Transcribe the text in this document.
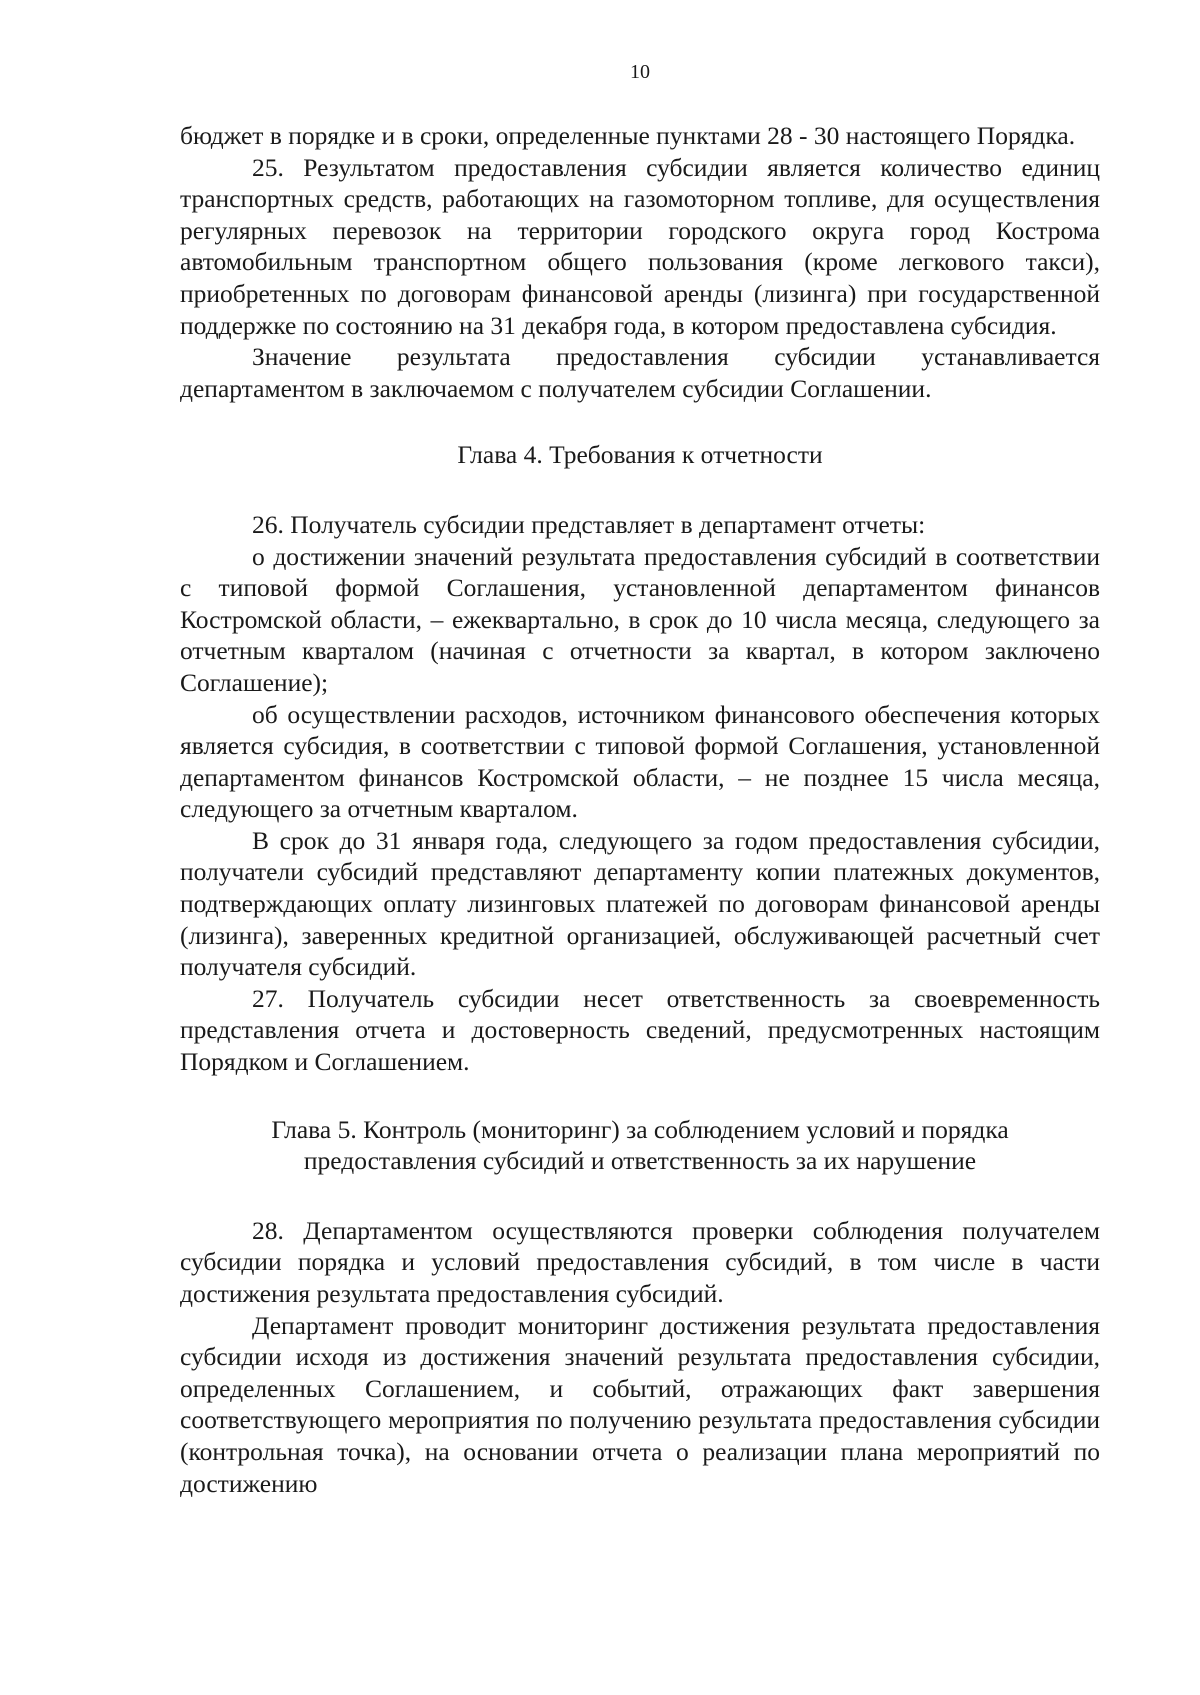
10

бюджет в порядке и в сроки, определенные пунктами 28 - 30 настоящего Порядка.

25. Результатом предоставления субсидии является количество единиц транспортных средств, работающих на газомоторном топливе, для осуществления регулярных перевозок на территории городского округа город Кострома автомобильным транспортном общего пользования (кроме легкового такси), приобретенных по договорам финансовой аренды (лизинга) при государственной поддержке по состоянию на 31 декабря года, в котором предоставлена субсидия.

Значение результата предоставления субсидии устанавливается департаментом в заключаемом с получателем субсидии Соглашении.

Глава 4. Требования к отчетности

26. Получатель субсидии представляет в департамент отчеты:

о достижении значений результата предоставления субсидий в соответствии с типовой формой Соглашения, установленной департаментом финансов Костромской области, – ежеквартально, в срок до 10 числа месяца, следующего за отчетным кварталом (начиная с отчетности за квартал, в котором заключено Соглашение);

об осуществлении расходов, источником финансового обеспечения которых является субсидия, в соответствии с типовой формой Соглашения, установленной департаментом финансов Костромской области, – не позднее 15 числа месяца, следующего за отчетным кварталом.

В срок до 31 января года, следующего за годом предоставления субсидии, получатели субсидий представляют департаменту копии платежных документов, подтверждающих оплату лизинговых платежей по договорам финансовой аренды (лизинга), заверенных кредитной организацией, обслуживающей расчетный счет получателя субсидий.

27. Получатель субсидии несет ответственность за своевременность представления отчета и достоверность сведений, предусмотренных настоящим Порядком и Соглашением.

Глава 5. Контроль (мониторинг) за соблюдением условий и порядка
предоставления субсидий и ответственность за их нарушение

28. Департаментом осуществляются проверки соблюдения получателем субсидии порядка и условий предоставления субсидий, в том числе в части достижения результата предоставления субсидий.

Департамент проводит мониторинг достижения результата предоставления субсидии исходя из достижения значений результата предоставления субсидии, определенных Соглашением, и событий, отражающих факт завершения соответствующего мероприятия по получению результата предоставления субсидии (контрольная точка), на основании отчета о реализации плана мероприятий по достижению
